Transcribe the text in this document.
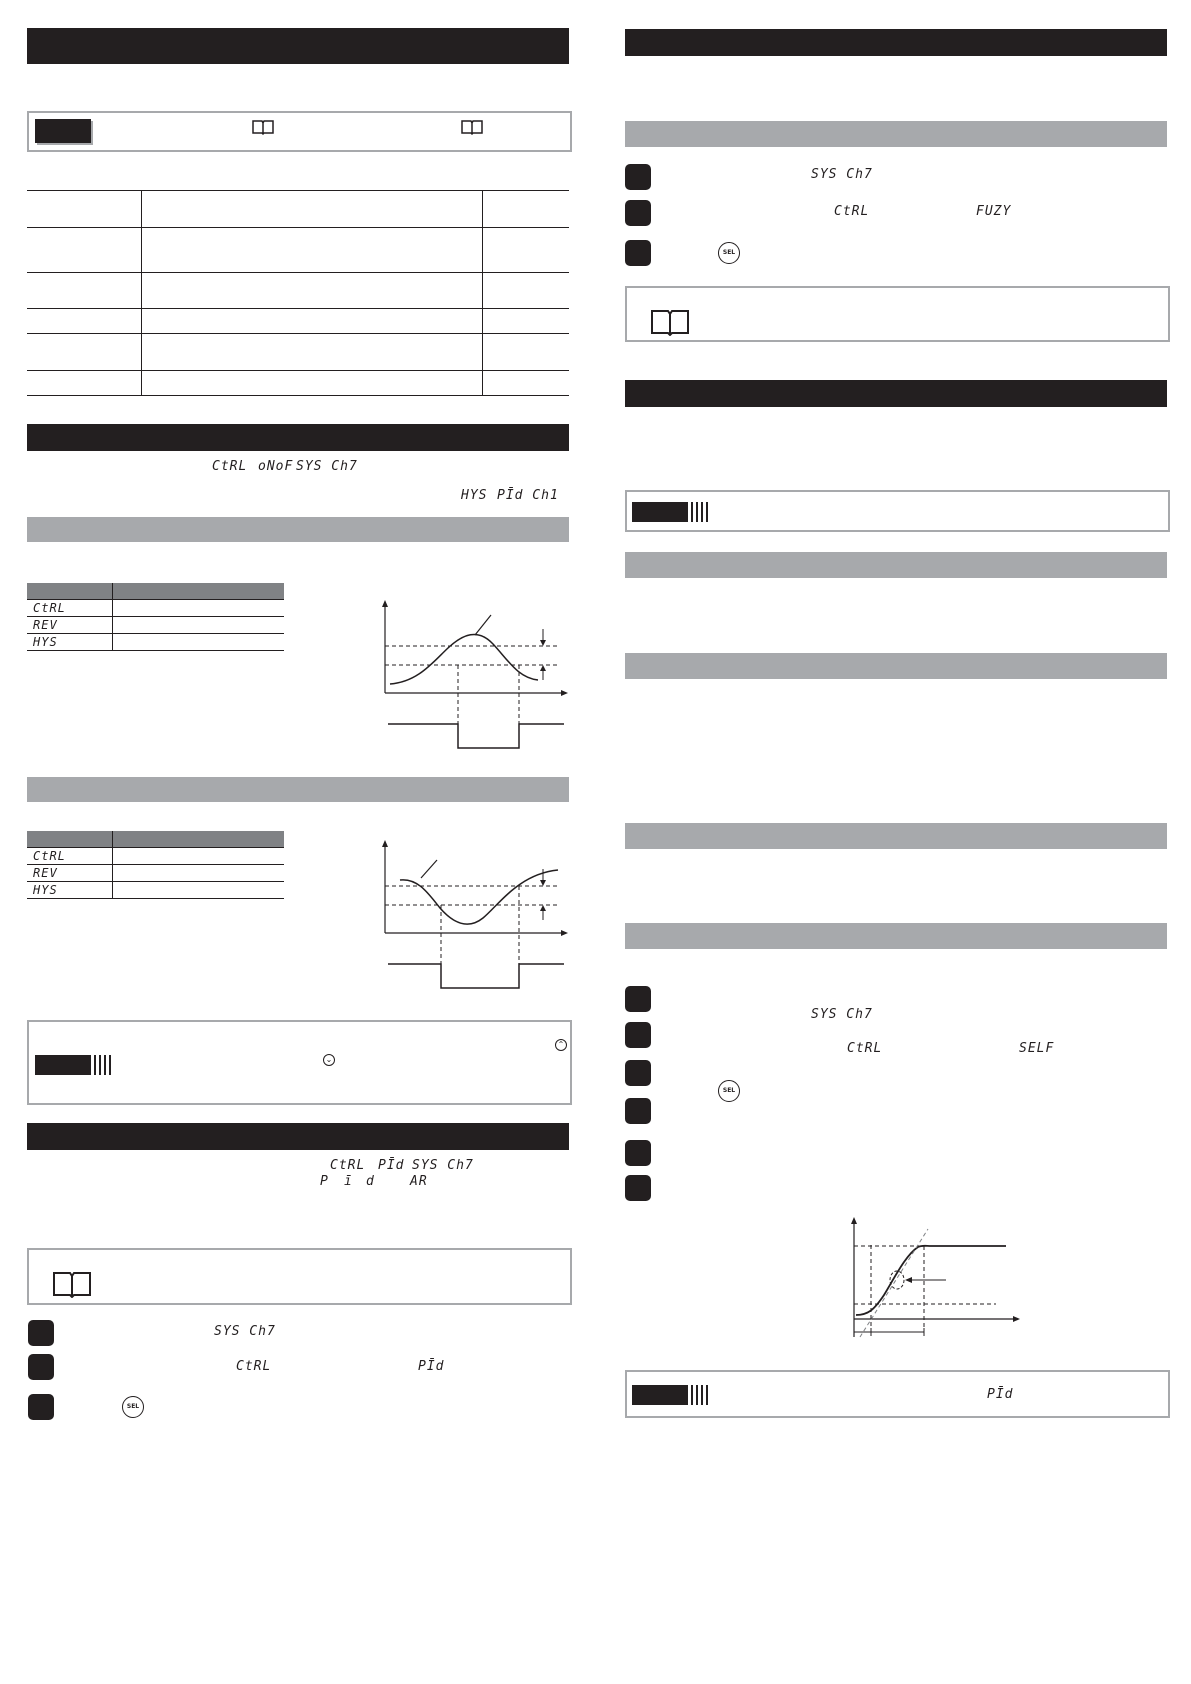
CtRL oNoF SYS Ch7
HYS PĪd Ch1
CtRL
REV
HYS
CtRL
REV
HYS
⌄
⌃
CtRL PĪd SYS Ch7
P ī d	AR
SYS Ch7
CtRL	PĪd
SEL
SYS Ch7
CtRL	FUZY
SEL
SYS Ch7
CtRL	SELF
SEL
PĪd
